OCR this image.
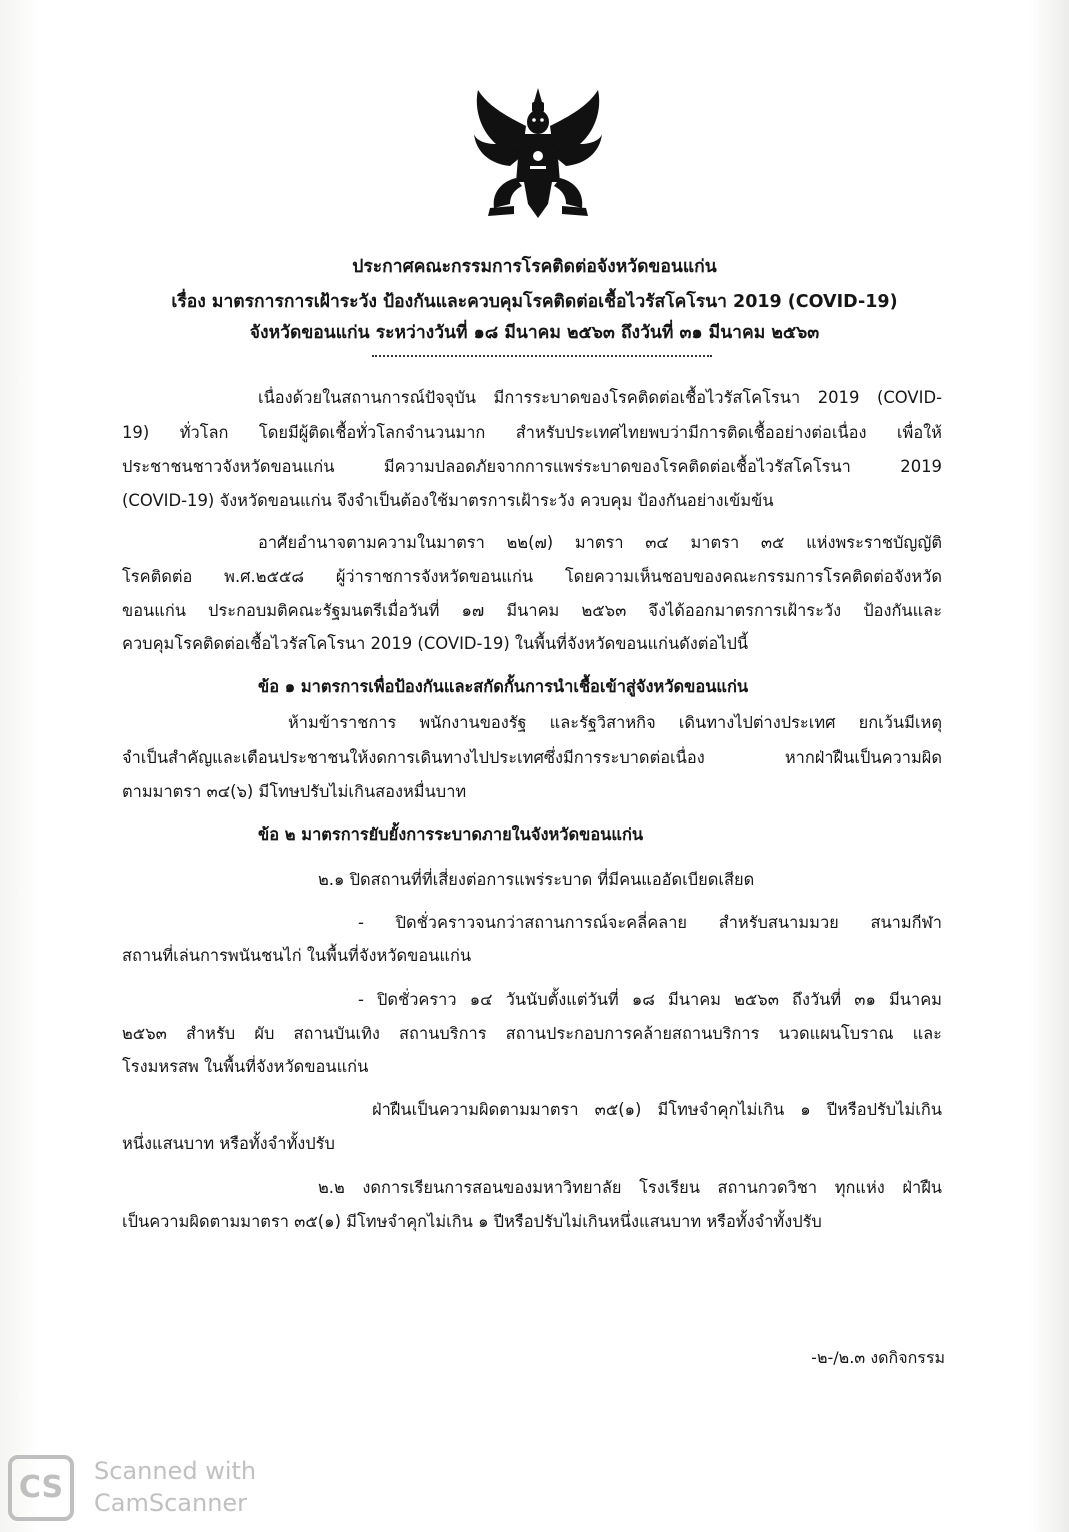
ประกาศคณะกรรมการโรคติดต่อจังหวัดขอนแก่น
เรื่อง มาตรการการเฝ้าระวัง ป้องกันและควบคุมโรคติดต่อเชื้อไวรัสโคโรนา 2019 (COVID-19)
จังหวัดขอนแก่น ระหว่างวันที่ ๑๘ มีนาคม ๒๕๖๓ ถึงวันที่ ๓๑ มีนาคม ๒๕๖๓
เนื่องด้วยในสถานการณ์ปัจจุบัน มีการระบาดของโรคติดต่อเชื้อไวรัสโคโรนา 2019 (COVID-
19) ทั่วโลก โดยมีผู้ติดเชื้อทั่วโลกจำนวนมาก สำหรับประเทศไทยพบว่ามีการติดเชื้ออย่างต่อเนื่อง เพื่อให้
ประชาชนชาวจังหวัดขอนแก่น มีความปลอดภัยจากการแพร่ระบาดของโรคติดต่อเชื้อไวรัสโคโรนา 2019
(COVID-19) จังหวัดขอนแก่น จึงจำเป็นต้องใช้มาตรการเฝ้าระวัง ควบคุม ป้องกันอย่างเข้มข้น
อาศัยอำนาจตามความในมาตรา ๒๒(๗) มาตรา ๓๔ มาตรา ๓๕ แห่งพระราชบัญญัติ
โรคติดต่อ พ.ศ.๒๕๕๘ ผู้ว่าราชการจังหวัดขอนแก่น โดยความเห็นชอบของคณะกรรมการโรคติดต่อจังหวัด
ขอนแก่น ประกอบมติคณะรัฐมนตรีเมื่อวันที่ ๑๗ มีนาคม ๒๕๖๓ จึงได้ออกมาตรการเฝ้าระวัง ป้องกันและ
ควบคุมโรคติดต่อเชื้อไวรัสโคโรนา 2019 (COVID-19) ในพื้นที่จังหวัดขอนแก่นดังต่อไปนี้
ข้อ ๑ มาตรการเพื่อป้องกันและสกัดกั้นการนำเชื้อเข้าสู่จังหวัดขอนแก่น
ห้ามข้าราชการ พนักงานของรัฐ และรัฐวิสาหกิจ เดินทางไปต่างประเทศ ยกเว้นมีเหตุ
จำเป็นสำคัญและเตือนประชาชนให้งดการเดินทางไปประเทศซึ่งมีการระบาดต่อเนื่อง หากฝ่าฝืนเป็นความผิด
ตามมาตรา ๓๔(๖) มีโทษปรับไม่เกินสองหมื่นบาท
ข้อ ๒ มาตรการยับยั้งการระบาดภายในจังหวัดขอนแก่น
๒.๑ ปิดสถานที่ที่เสี่ยงต่อการแพร่ระบาด ที่มีคนแออัดเบียดเสียด
- ปิดชั่วคราวจนกว่าสถานการณ์จะคลี่คลาย สำหรับสนามมวย สนามกีฬา
สถานที่เล่นการพนันชนไก่ ในพื้นที่จังหวัดขอนแก่น
- ปิดชั่วคราว ๑๔ วันนับตั้งแต่วันที่ ๑๘ มีนาคม ๒๕๖๓ ถึงวันที่ ๓๑ มีนาคม
๒๕๖๓ สำหรับ ผับ สถานบันเทิง สถานบริการ สถานประกอบการคล้ายสถานบริการ นวดแผนโบราณ และ
โรงมหรสพ ในพื้นที่จังหวัดขอนแก่น
ฝ่าฝืนเป็นความผิดตามมาตรา ๓๕(๑) มีโทษจำคุกไม่เกิน ๑ ปีหรือปรับไม่เกิน
หนึ่งแสนบาท หรือทั้งจำทั้งปรับ
๒.๒ งดการเรียนการสอนของมหาวิทยาลัย โรงเรียน สถานกวดวิชา ทุกแห่ง ฝ่าฝืน
เป็นความผิดตามมาตรา ๓๕(๑) มีโทษจำคุกไม่เกิน ๑ ปีหรือปรับไม่เกินหนึ่งแสนบาท หรือทั้งจำทั้งปรับ
-๒-/๒.๓ งดกิจกรรม
CS	Scanned with
CamScanner
